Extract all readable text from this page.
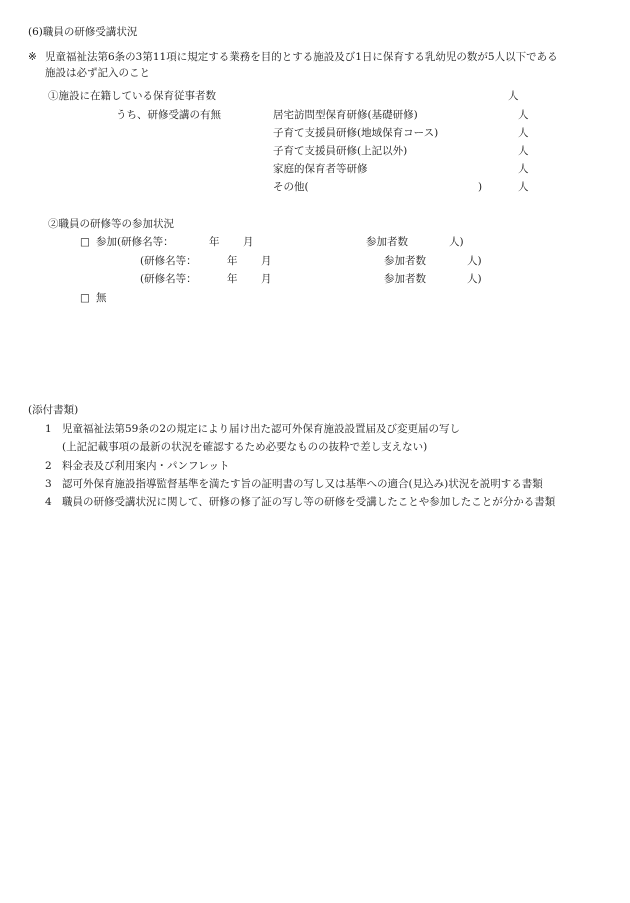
(6)職員の研修受講状況
※ 児童福祉法第6条の3第11項に規定する業務を目的とする施設及び1日に保育する乳幼児の数が5人以下である
施設は必ず記入のこと
①施設に在籍している保育従事者数	人
うち、研修受講の有無	居宅訪問型保育研修(基礎研修)	人
子育て支援員研修(地域保育コース)	人
子育て支援員研修(上記以外)	人
家庭的保育者等研修	人
その他(	)	人
②職員の研修等の参加状況
□ 参加(研修名等：	年 月	参加者数	人)
(研修名等：	年 月	参加者数	人)
(研修名等：	年 月	参加者数	人)
□ 無
(添付書類)
1 児童福祉法第59条の2の規定により届け出た認可外保育施設設置届及び変更届の写し
(上記記載事項の最新の状況を確認するため必要なものの抜粋で差し支えない)
2 料金表及び利用案内・パンフレット
3 認可外保育施設指導監督基準を満たす旨の証明書の写し又は基準への適合(見込み)状況を説明する書類
4 職員の研修受講状況に関して、研修の修了証の写し等の研修を受講したことや参加したことが分かる書類
